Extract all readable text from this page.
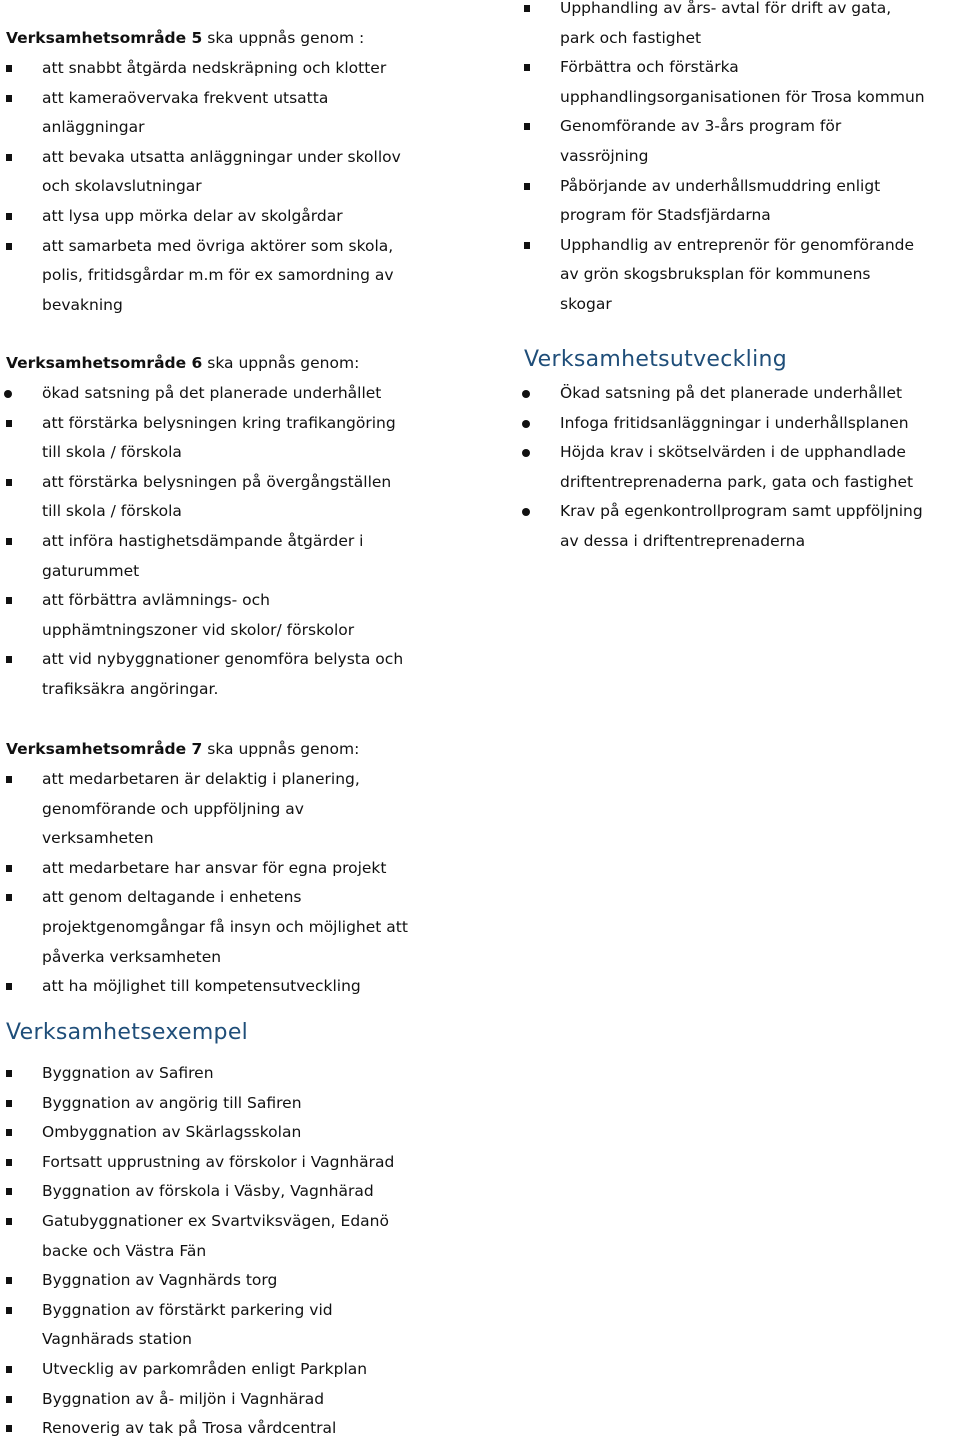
Verksamhetsområde 5 ska uppnås genom :
att snabbt åtgärda nedskräpning och klotter
att kameraövervaka frekvent utsatta
anläggningar
att bevaka utsatta anläggningar under skollov
och skolavslutningar
att lysa upp mörka delar av skolgårdar
att samarbeta med övriga aktörer som skola,
polis, fritidsgårdar m.m för ex samordning av
bevakning
Verksamhetsområde 6 ska uppnås genom:
ökad satsning på det planerade underhållet
att förstärka belysningen kring trafikangöring
till skola / förskola
att förstärka belysningen på övergångställen
till skola / förskola
att införa hastighetsdämpande åtgärder i
gaturummet
att förbättra avlämnings- och
upphämtningszoner vid skolor/ förskolor
att vid nybyggnationer genomföra belysta och
trafiksäkra angöringar.
Verksamhetsområde 7 ska uppnås genom:
att medarbetaren är delaktig i planering,
genomförande och uppföljning av
verksamheten
att medarbetare har ansvar för egna projekt
att genom deltagande i enhetens
projektgenomgångar få insyn och möjlighet att
påverka verksamheten
att ha möjlighet till kompetensutveckling
Verksamhetsexempel
Byggnation av Safiren
Byggnation av angörig till Safiren
Ombyggnation av Skärlagsskolan
Fortsatt upprustning av förskolor i Vagnhärad
Byggnation av förskola i Väsby, Vagnhärad
Gatubyggnationer ex Svartviksvägen, Edanö
backe och Västra Fän
Byggnation av Vagnhärds torg
Byggnation av förstärkt parkering vid
Vagnhärads station
Utvecklig av parkområden enligt Parkplan
Byggnation av å- miljön i Vagnhärad
Renoverig av tak på Trosa vårdcentral
Upphandling av års- avtal för drift av gata,
park och fastighet
Förbättra och förstärka
upphandlingsorganisationen för Trosa kommun
Genomförande av 3-års program för
vassröjning
Påbörjande av underhållsmuddring enligt
program för Stadsfjärdarna
Upphandlig av entreprenör för genomförande
av grön skogsbruksplan för kommunens
skogar
Verksamhetsutveckling
Ökad satsning på det planerade underhållet
Infoga fritidsanläggningar i underhållsplanen
Höjda krav i skötselvärden i de upphandlade
driftentreprenaderna park, gata och fastighet
Krav på egenkontrollprogram samt uppföljning
av dessa i driftentreprenaderna
